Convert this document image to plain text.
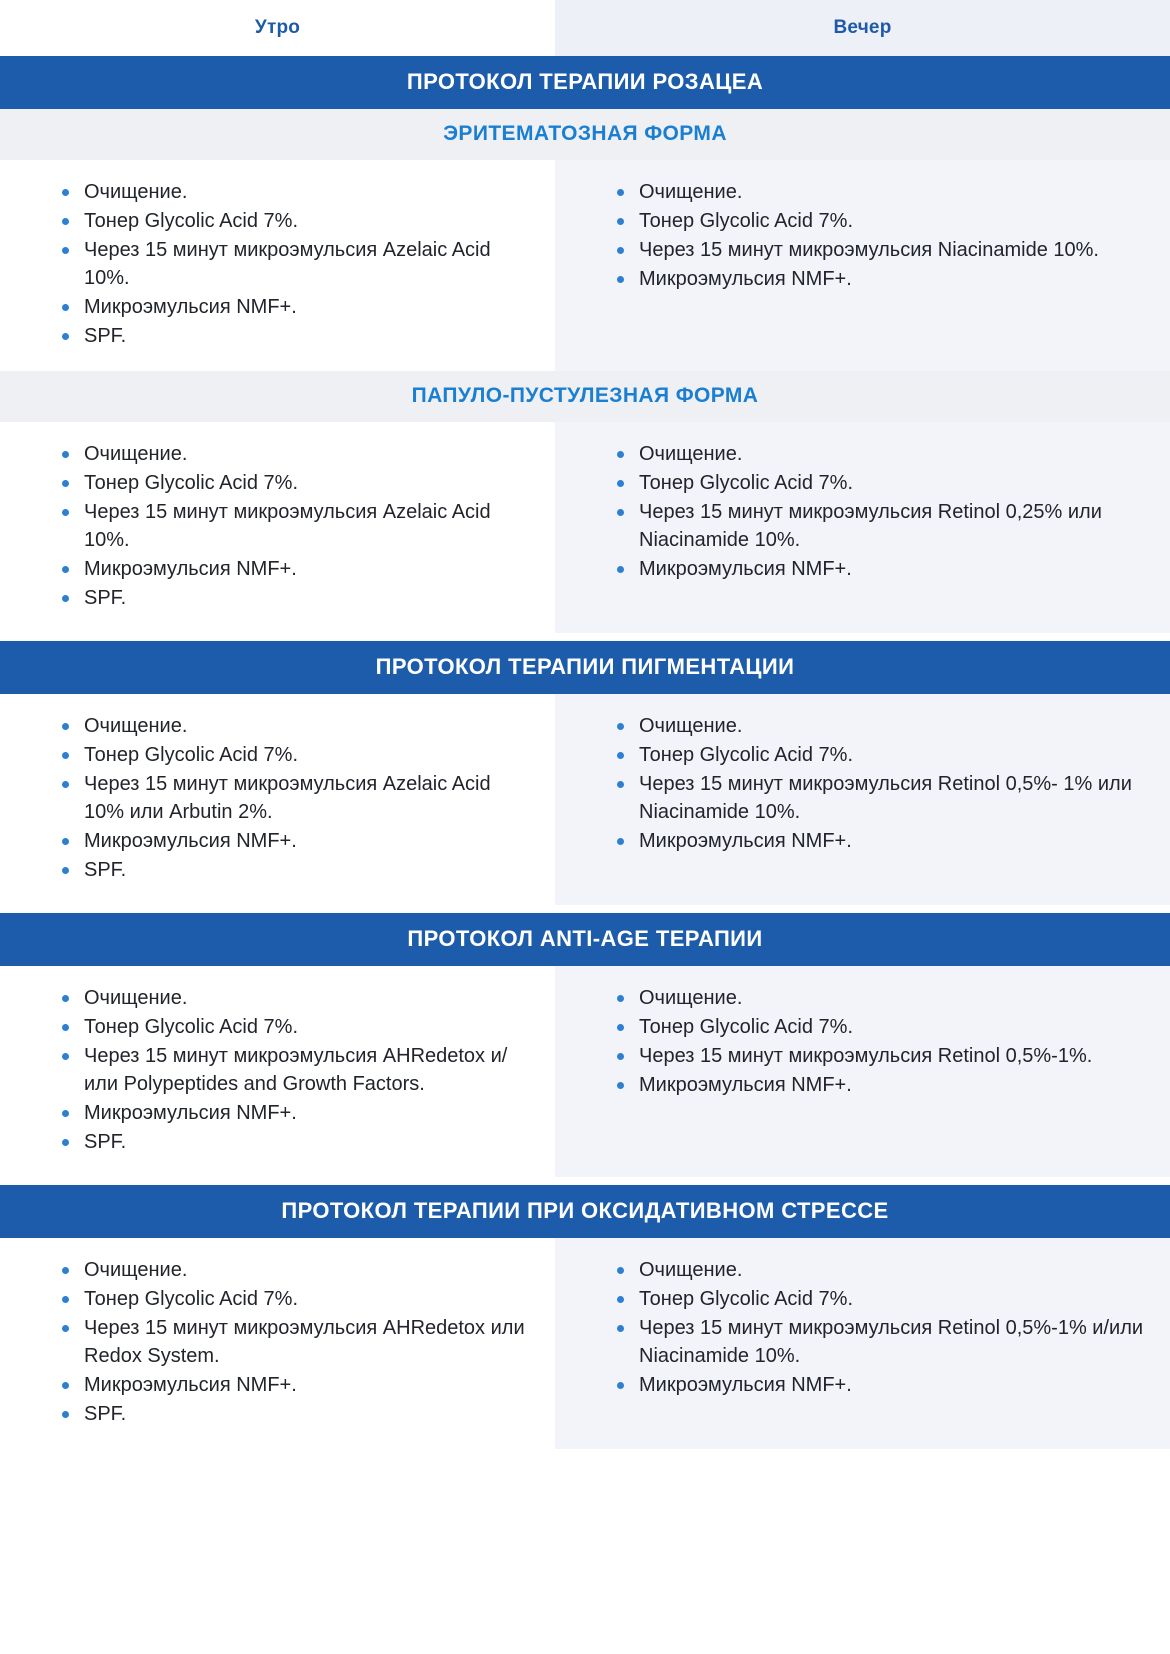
Утро	Вечер
ПРОТОКОЛ ТЕРАПИИ РОЗАЦЕА
ЭРИТЕМАТОЗНАЯ ФОРМА
Очищение.
Тонер Glycolic Acid 7%.
Через 15 минут микроэмульсия Azelaic Acid 10%.
Микроэмульсия NMF+.
SPF.
Очищение.
Тонер Glycolic Acid 7%.
Через 15 минут микроэмульсия Niacinamide 10%.
Микроэмульсия NMF+.
ПАПУЛО-ПУСТУЛЕЗНАЯ ФОРМА
Очищение.
Тонер Glycolic Acid 7%.
Через 15 минут микроэмульсия Azelaic Acid 10%.
Микроэмульсия NMF+.
SPF.
Очищение.
Тонер Glycolic Acid 7%.
Через 15 минут микроэмульсия Retinol 0,25% или Niacinamide 10%.
Микроэмульсия NMF+.
ПРОТОКОЛ ТЕРАПИИ ПИГМЕНТАЦИИ
Очищение.
Тонер Glycolic Acid 7%.
Через 15 минут микроэмульсия Azelaic Acid 10% или Arbutin 2%.
Микроэмульсия NMF+.
SPF.
Очищение.
Тонер Glycolic Acid 7%.
Через 15 минут микроэмульсия Retinol 0,5%- 1% или Niacinamide 10%.
Микроэмульсия NMF+.
ПРОТОКОЛ ANTI-AGE ТЕРАПИИ
Очищение.
Тонер Glycolic Acid 7%.
Через 15 минут микроэмульсия AHRedetox и/или Polypeptides and Growth Factors.
Микроэмульсия NMF+.
SPF.
Очищение.
Тонер Glycolic Acid 7%.
Через 15 минут микроэмульсия Retinol 0,5%-1%.
Микроэмульсия NMF+.
ПРОТОКОЛ ТЕРАПИИ ПРИ ОКСИДАТИВНОМ СТРЕССЕ
Очищение.
Тонер Glycolic Acid 7%.
Через 15 минут микроэмульсия AHRedetox или Redox System.
Микроэмульсия NMF+.
SPF.
Очищение.
Тонер Glycolic Acid 7%.
Через 15 минут микроэмульсия Retinol 0,5%-1% и/или Niacinamide 10%.
Микроэмульсия NMF+.
